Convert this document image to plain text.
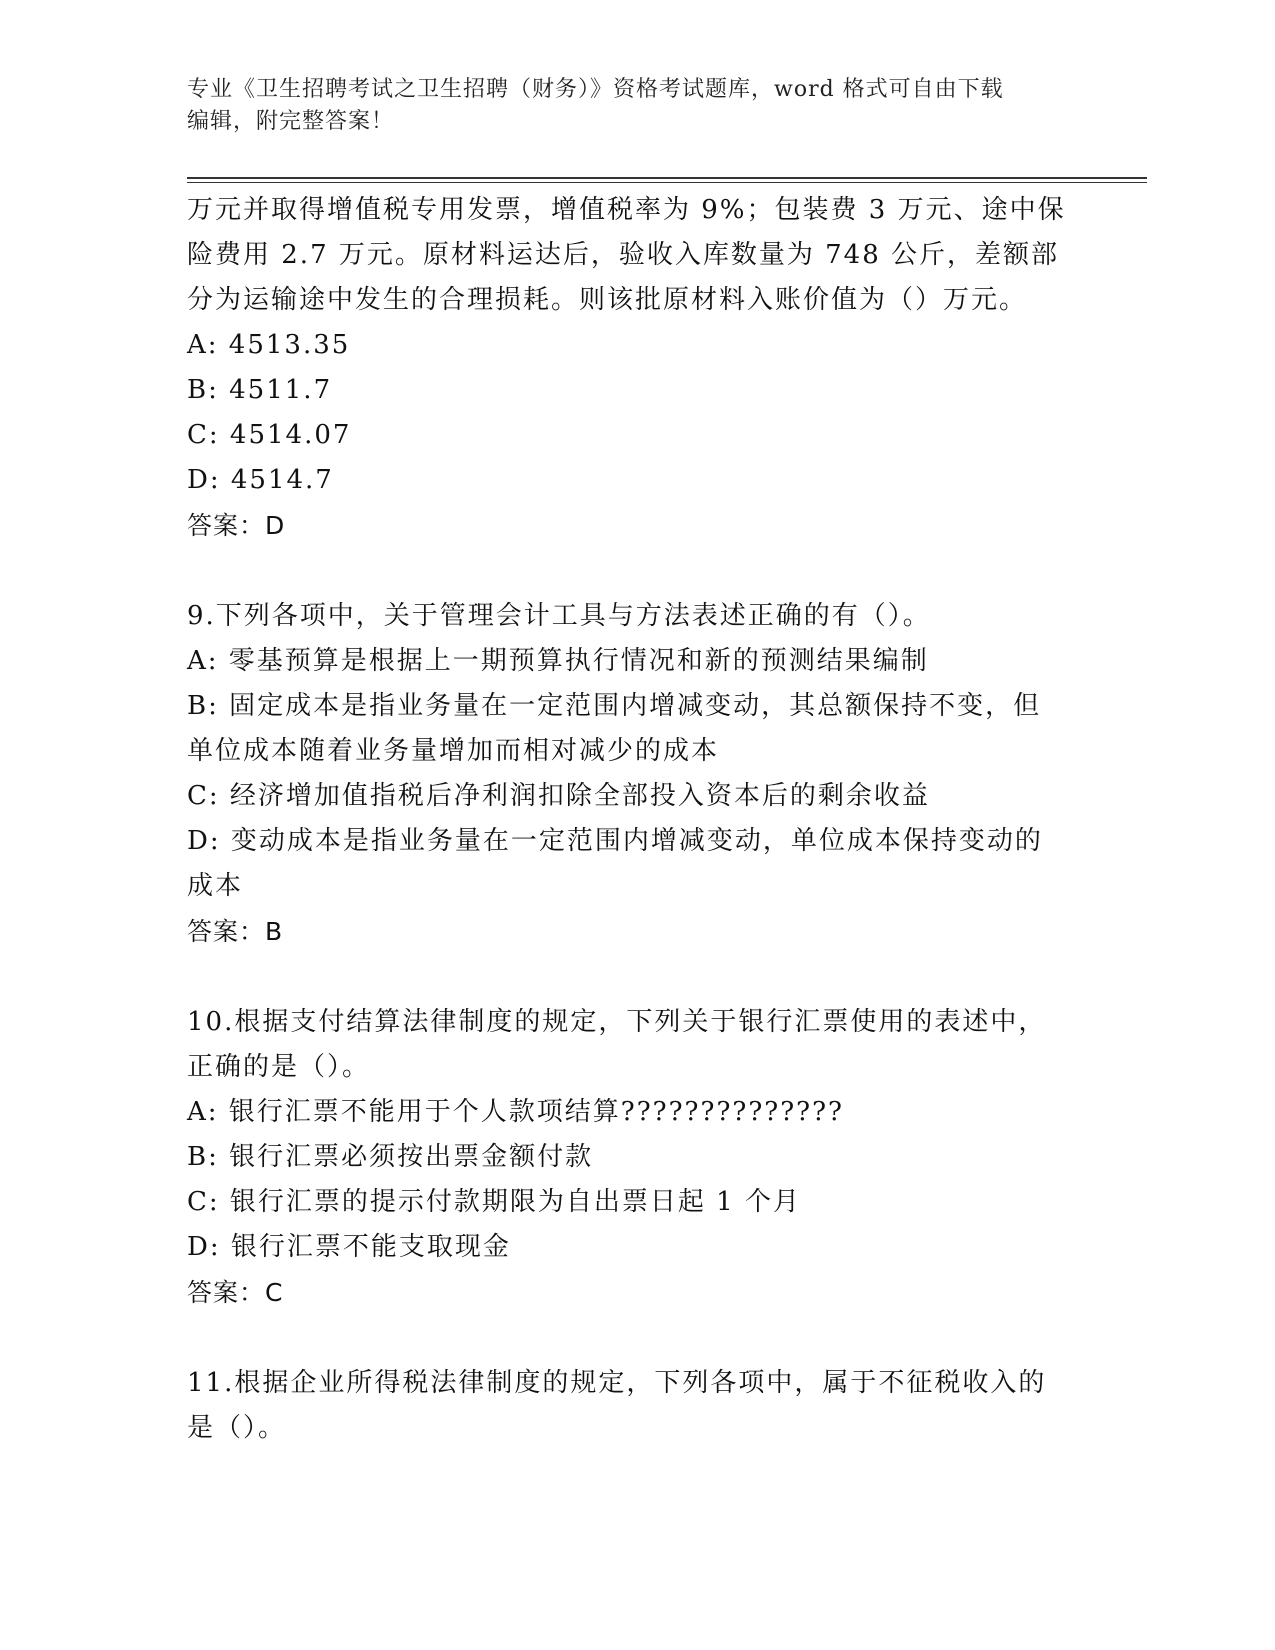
专业《卫生招聘考试之卫生招聘（财务）》资格考试题库，word 格式可自由下载
编辑，附完整答案！
万元并取得增值税专用发票，增值税率为 9%；包装费 3 万元、途中保
险费用 2.7 万元。原材料运达后，验收入库数量为 748 公斤，差额部
分为运输途中发生的合理损耗。则该批原材料入账价值为（）万元。
A: 4513.35
B: 4511.7
C: 4514.07
D: 4514.7
答案：D
9.下列各项中，关于管理会计工具与方法表述正确的有（）。
A: 零基预算是根据上一期预算执行情况和新的预测结果编制
B: 固定成本是指业务量在一定范围内增减变动，其总额保持不变，但
单位成本随着业务量增加而相对减少的成本
C: 经济增加值指税后净利润扣除全部投入资本后的剩余收益
D: 变动成本是指业务量在一定范围内增减变动，单位成本保持变动的
成本
答案：B
10.根据支付结算法律制度的规定，下列关于银行汇票使用的表述中，
正确的是（）。
A: 银行汇票不能用于个人款项结算??????????????
B: 银行汇票必须按出票金额付款
C: 银行汇票的提示付款期限为自出票日起 1 个月
D: 银行汇票不能支取现金
答案：C
11.根据企业所得税法律制度的规定，下列各项中，属于不征税收入的
是（）。
